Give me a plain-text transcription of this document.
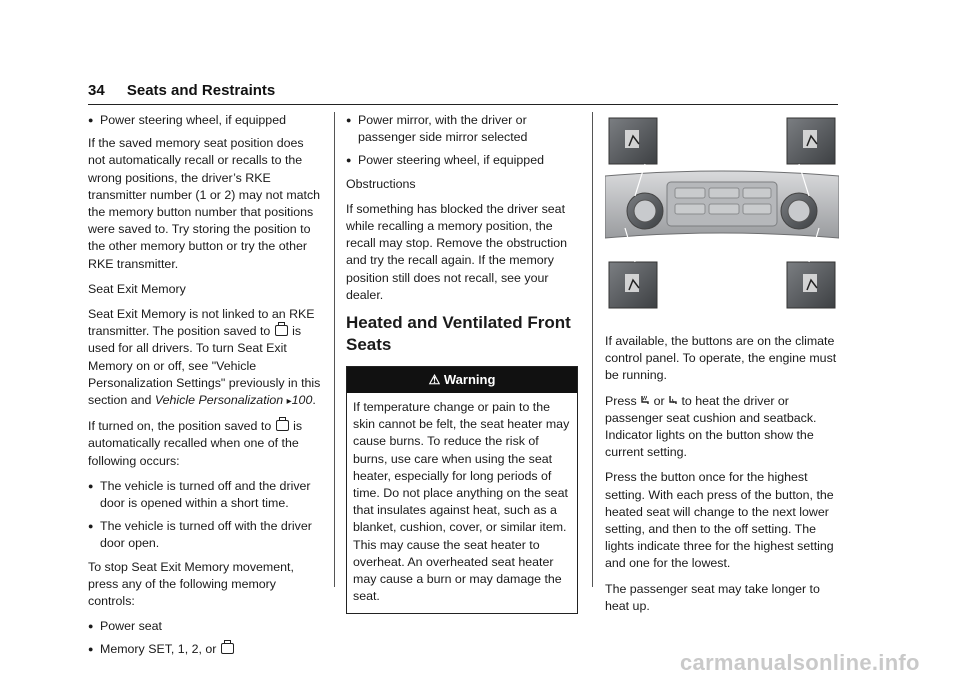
34 Seats and Restraints
● Power steering wheel, if equipped

If the saved memory seat position does not automatically recall or recalls to the wrong positions, the driver’s RKE transmitter number (1 or 2) may not match the memory button number that positions were saved to. Try storing the position to the other memory button or try the other RKE transmitter.

Seat Exit Memory

Seat Exit Memory is not linked to an RKE transmitter. The position saved to  is used for all drivers. To turn Seat Exit Memory on or off, see "Vehicle Personalization Settings" previously in this section and Vehicle Personalization ▸100.

If turned on, the position saved to  is automatically recalled when one of the following occurs:

● The vehicle is turned off and the driver door is opened within a short time.
● The vehicle is turned off with the driver door open.

To stop Seat Exit Memory movement, press any of the following memory controls:

● Power seat
● Memory SET, 1, 2, or
● Power mirror, with the driver or passenger side mirror selected
● Power steering wheel, if equipped

Obstructions

If something has blocked the driver seat while recalling a memory position, the recall may stop. Remove the obstruction and try the recall again. If the memory position still does not recall, see your dealer.

Heated and Ventilated Front Seats
⚠ Warning
If temperature change or pain to the skin cannot be felt, the seat heater may cause burns. To reduce the risk of burns, use care when using the seat heater, especially for long periods of time. Do not place anything on the seat that insulates against heat, such as a blanket, cushion, cover, or similar item. This may cause the seat heater to overheat. An overheated seat heater may cause a burn or may damage the seat.

If available, the buttons are on the climate control panel. To operate, the engine must be running.

Press  or  to heat the driver or passenger seat cushion and seatback. Indicator lights on the button show the current setting.

Press the button once for the highest setting. With each press of the button, the heated seat will change to the next lower setting, and then to the off setting. The lights indicate three for the highest setting and one for the lowest.

The passenger seat may take longer to heat up.

carmanualsonline.info
